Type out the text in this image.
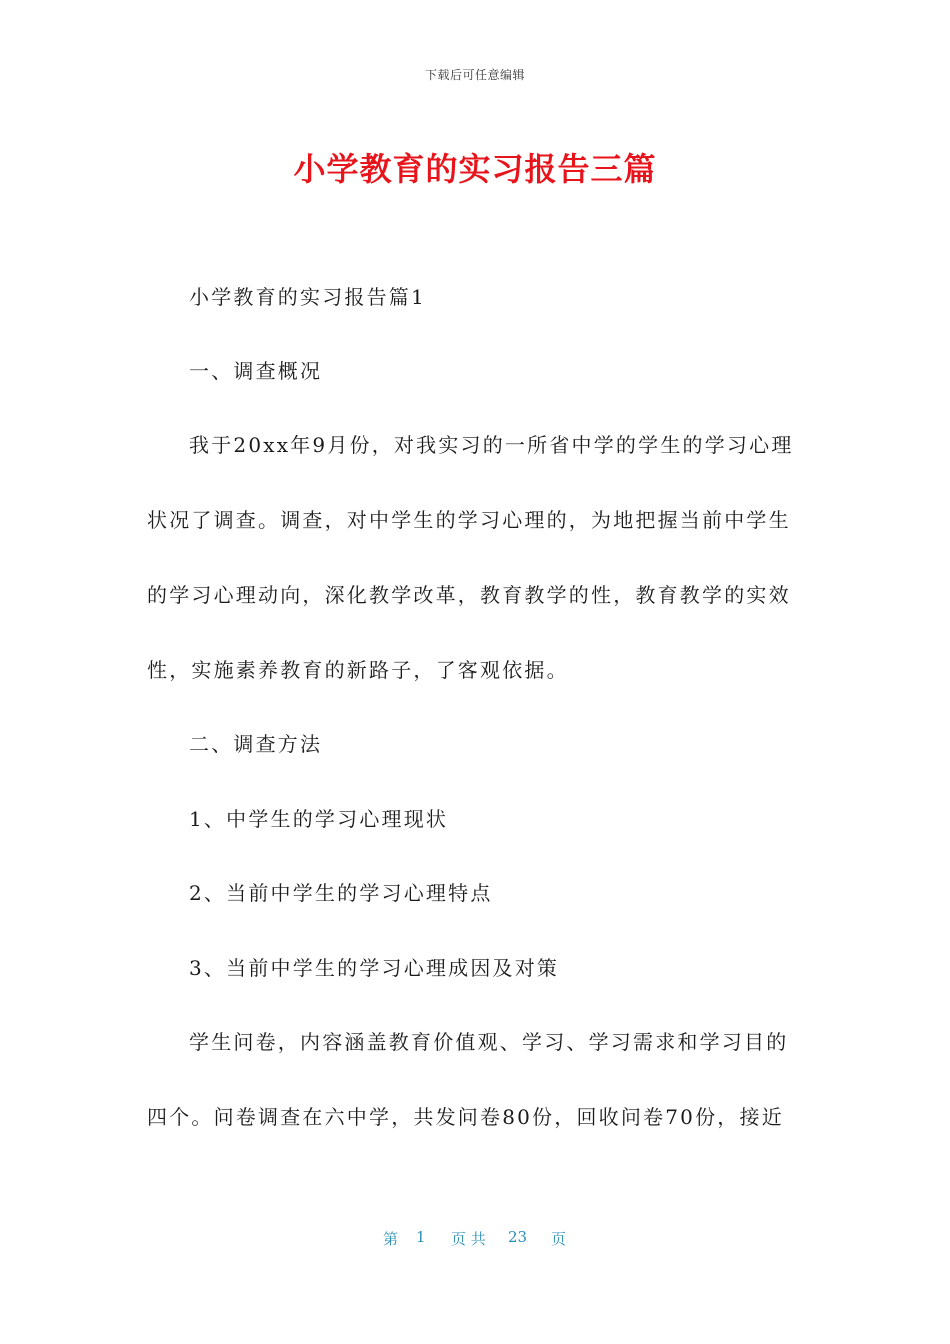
下载后可任意编辑
小学教育的实习报告三篇
小学教育的实习报告篇1
一、调查概况
我于20xx年9月份，对我实习的一所省中学的学生的学习心理
状况了调查。调查，对中学生的学习心理的，为地把握当前中学生
的学习心理动向，深化教学改革，教育教学的性，教育教学的实效
性，实施素养教育的新路子，了客观依据。
二、调查方法
1、中学生的学习心理现状
2、当前中学生的学习心理特点
3、当前中学生的学习心理成因及对策
学生问卷，内容涵盖教育价值观、学习、学习需求和学习目的
四个。问卷调查在六中学，共发问卷80份，回收问卷70份，接近
第 1 页 共 23 页
